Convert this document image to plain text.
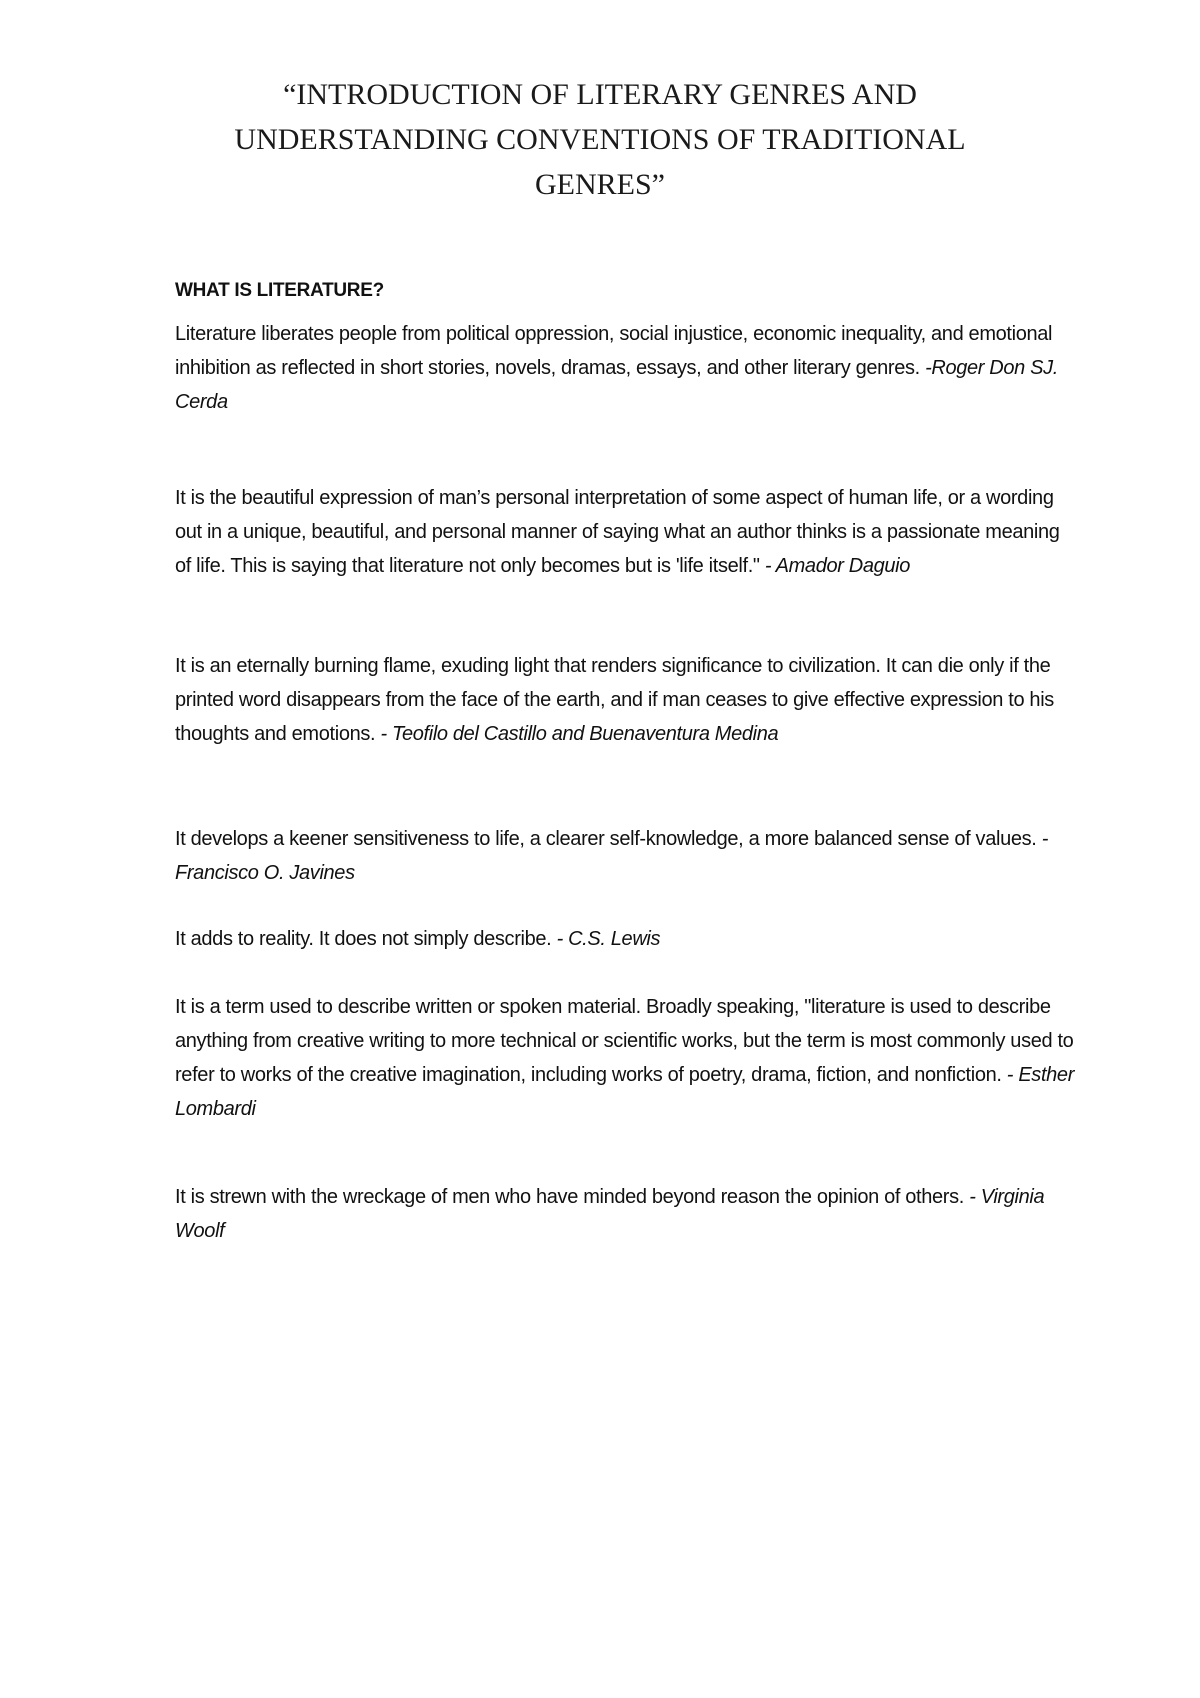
“INTRODUCTION OF LITERARY GENRES AND
UNDERSTANDING CONVENTIONS OF TRADITIONAL
GENRES”
WHAT IS LITERATURE?

Literature liberates people from political oppression, social injustice, economic inequality, and emotional inhibition as reflected in short stories, novels, dramas, essays, and other literary genres. -Roger Don SJ. Cerda

It is the beautiful expression of man’s personal interpretation of some aspect of human life, or a wording out in a unique, beautiful, and personal manner of saying what an author thinks is a passionate meaning of life. This is saying that literature not only becomes but is 'life itself." - Amador Daguio

It is an eternally burning flame, exuding light that renders significance to civilization. It can die only if the printed word disappears from the face of the earth, and if man ceases to give effective expression to his thoughts and emotions. - Teofilo del Castillo and Buenaventura Medina

It develops a keener sensitiveness to life, a clearer self-knowledge, a more balanced sense of values. - Francisco O. Javines

It adds to reality. It does not simply describe. - C.S. Lewis

It is a term used to describe written or spoken material. Broadly speaking, "literature is used to describe anything from creative writing to more technical or scientific works, but the term is most commonly used to refer to works of the creative imagination, including works of poetry, drama, fiction, and nonfiction. - Esther Lombardi

It is strewn with the wreckage of men who have minded beyond reason the opinion of others. - Virginia Woolf
